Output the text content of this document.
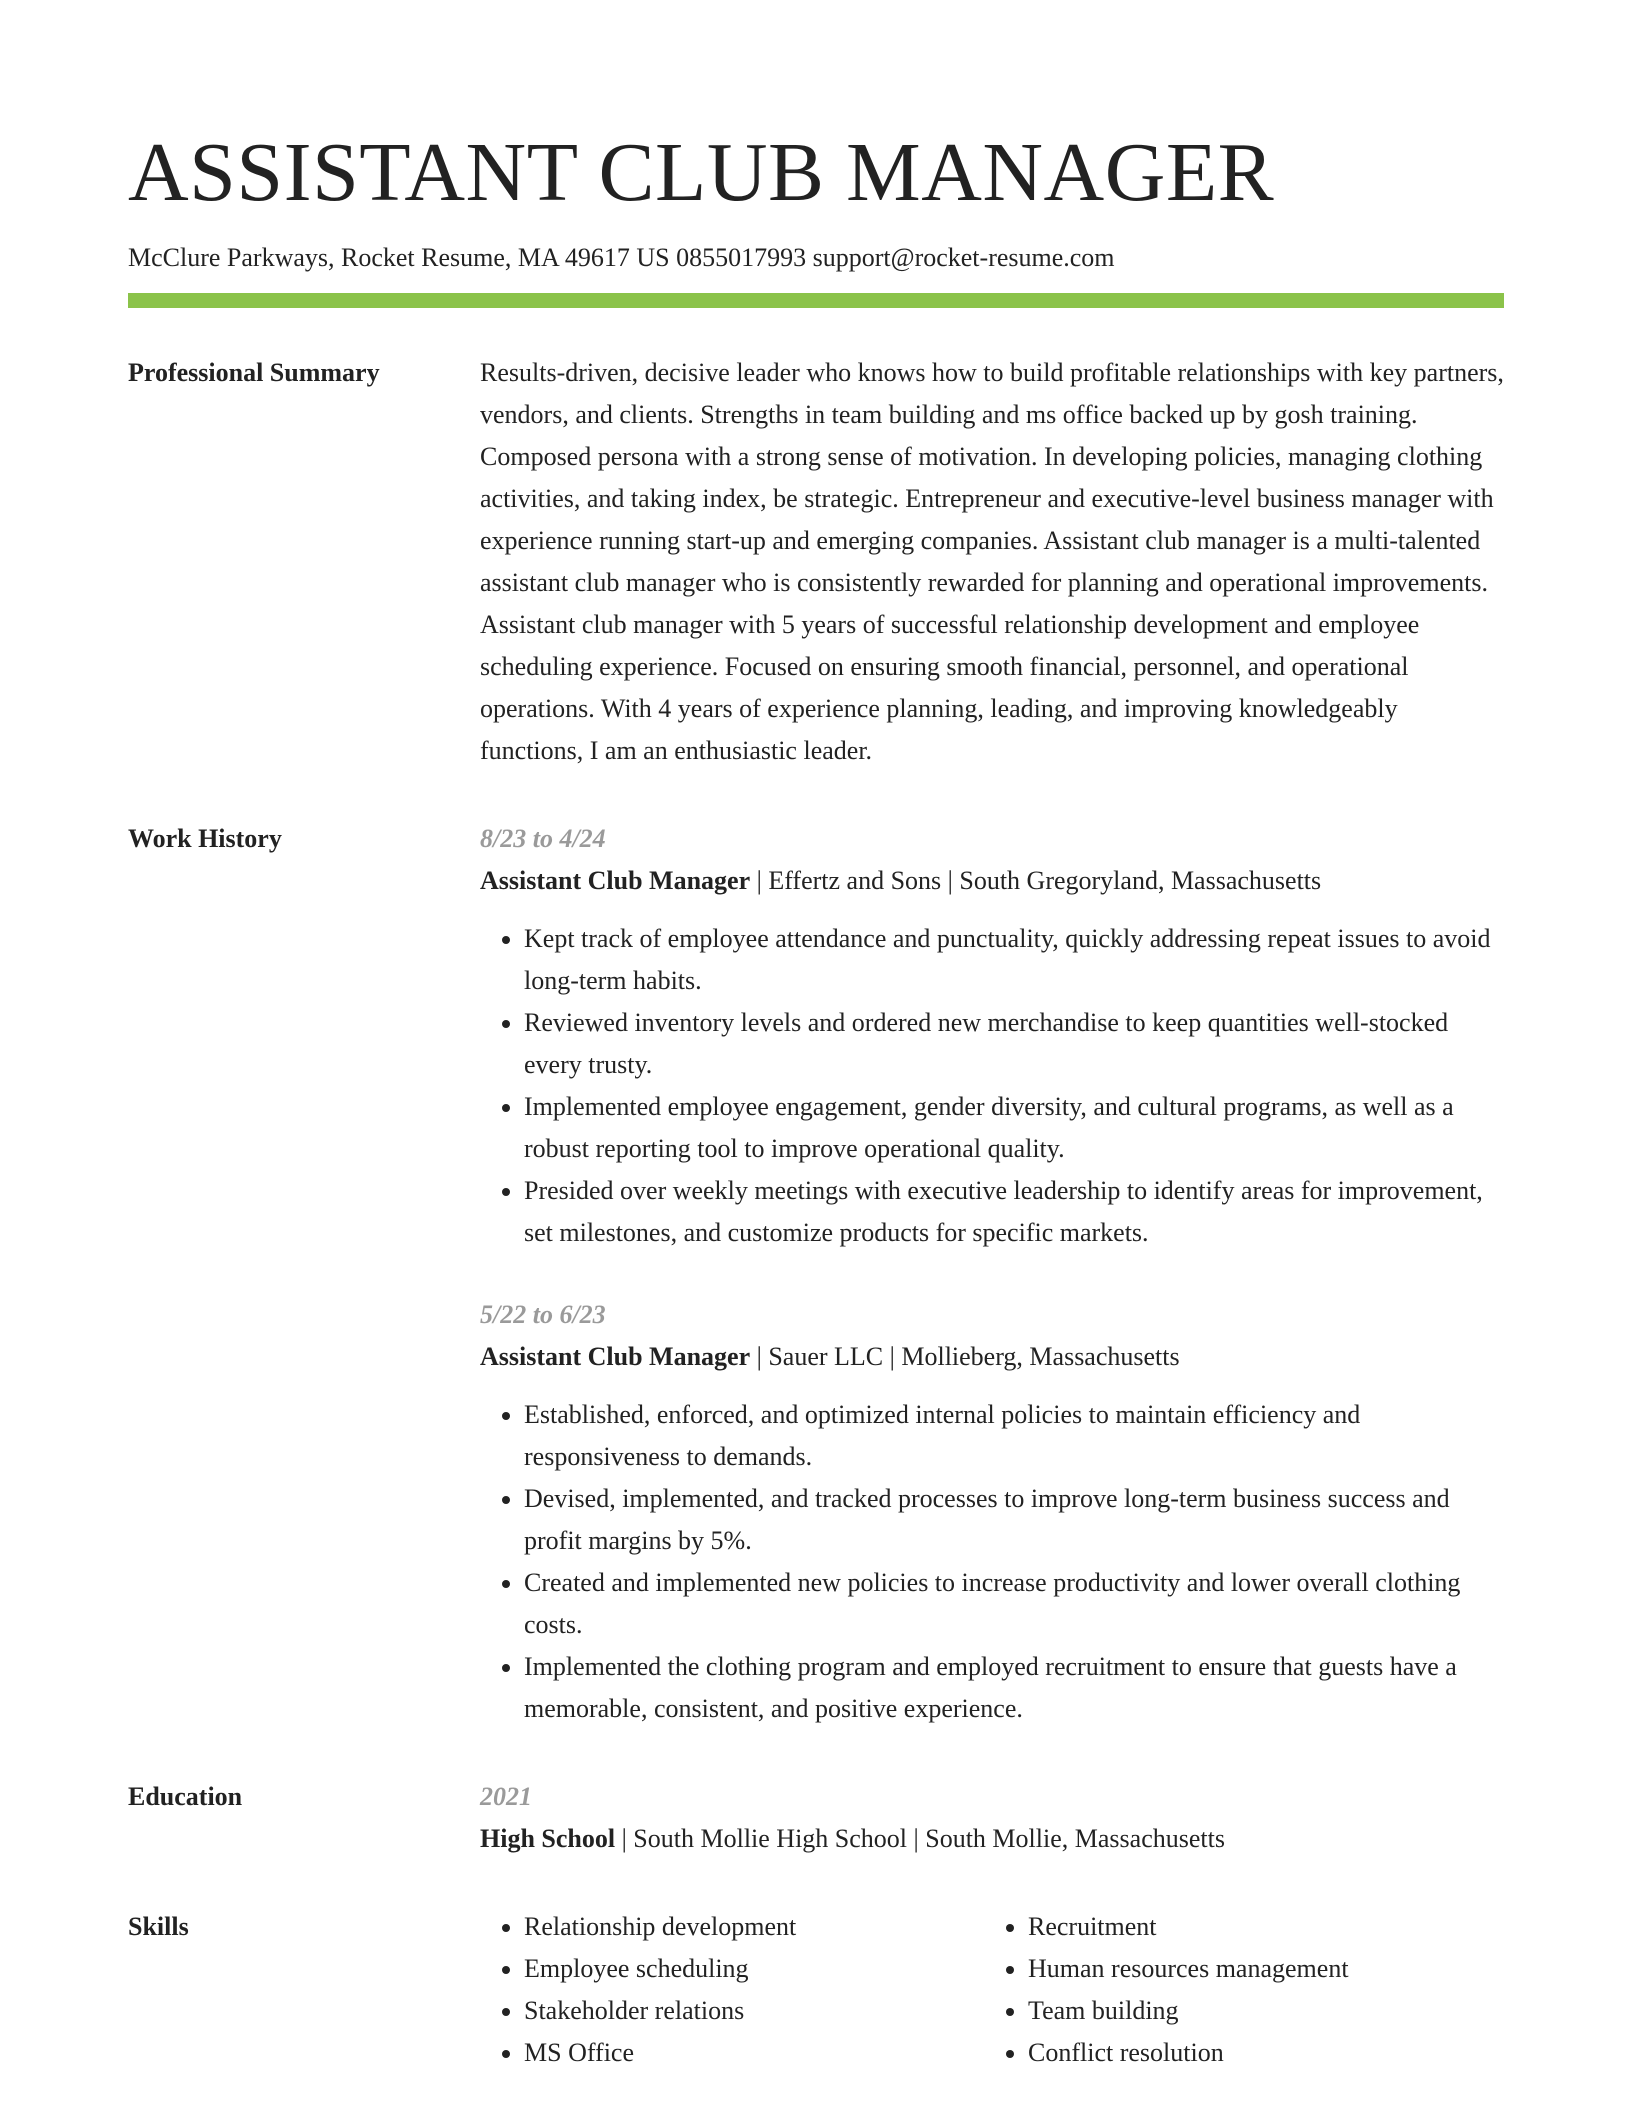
ASSISTANT CLUB MANAGER
McClure Parkways, Rocket Resume, MA 49617 US 0855017993 support@rocket-resume.com
Professional Summary	Results-driven, decisive leader who knows how to build profitable relationships with key partners, vendors, and clients. Strengths in team building and ms office backed up by gosh training. Composed persona with a strong sense of motivation. In developing policies, managing clothing activities, and taking index, be strategic. Entrepreneur and executive-level business manager with experience running start-up and emerging companies. Assistant club manager is a multi-talented assistant club manager who is consistently rewarded for planning and operational improvements. Assistant club manager with 5 years of successful relationship development and employee scheduling experience. Focused on ensuring smooth financial, personnel, and operational operations. With 4 years of experience planning, leading, and improving knowledgeably functions, I am an enthusiastic leader.

Work History	8/23 to 4/24
Assistant Club Manager | Effertz and Sons | South Gregoryland, Massachusetts
• Kept track of employee attendance and punctuality, quickly addressing repeat issues to avoid long-term habits.
• Reviewed inventory levels and ordered new merchandise to keep quantities well-stocked every trusty.
• Implemented employee engagement, gender diversity, and cultural programs, as well as a robust reporting tool to improve operational quality.
• Presided over weekly meetings with executive leadership to identify areas for improvement, set milestones, and customize products for specific markets.
5/22 to 6/23
Assistant Club Manager | Sauer LLC | Mollieberg, Massachusetts
• Established, enforced, and optimized internal policies to maintain efficiency and responsiveness to demands.
• Devised, implemented, and tracked processes to improve long-term business success and profit margins by 5%.
• Created and implemented new policies to increase productivity and lower overall clothing costs.
• Implemented the clothing program and employed recruitment to ensure that guests have a memorable, consistent, and positive experience.
Education	2021
High School | South Mollie High School | South Mollie, Massachusetts
Skills
•	Relationship development
• Employee scheduling
• Stakeholder relations
• MS Office
• Recruitment
• Human resources management
• Team building
• Conflict resolution
